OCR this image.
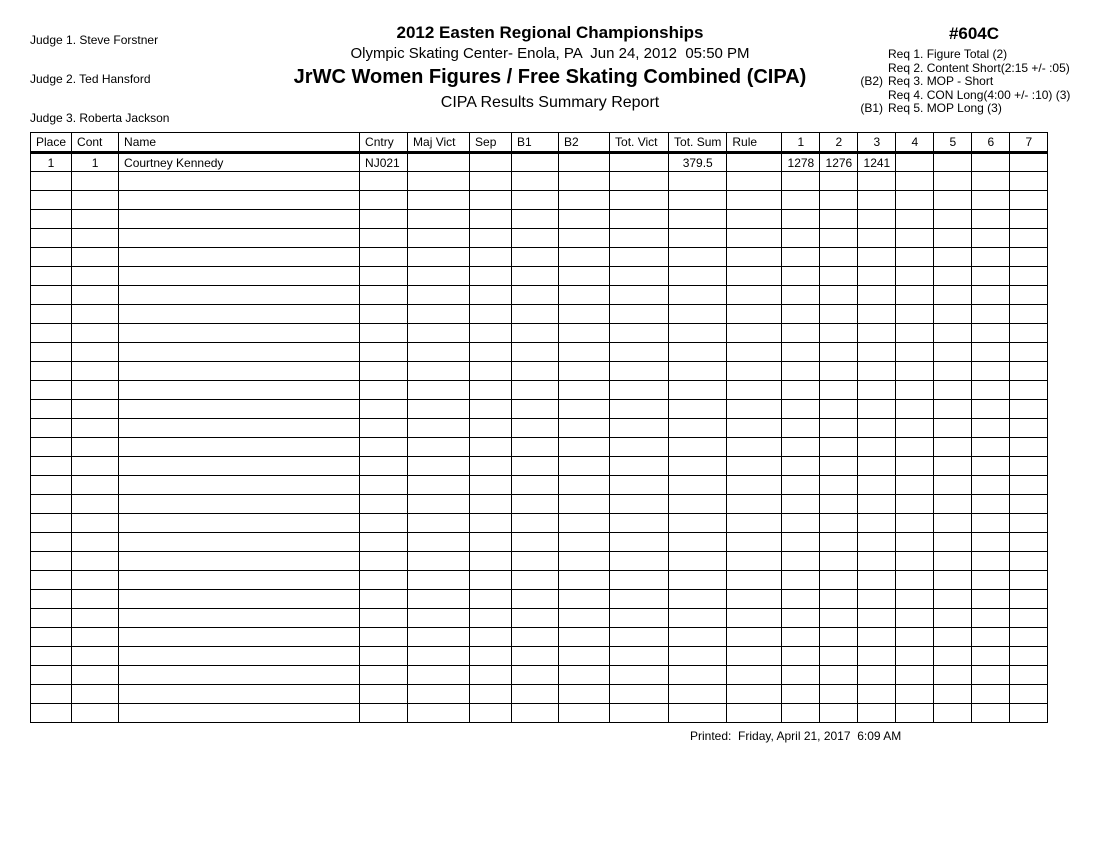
Judge 1. Steve Forstner

Judge 2. Ted Hansford

Judge 3. Roberta Jackson

2012 Easten Regional Championships
Olympic Skating Center- Enola, PA  Jun 24, 2012  05:50 PM
JrWC Women Figures / Free Skating Combined (CIPA)
CIPA Results Summary Report
#604C
Req 1. Figure Total (2)
Req 2. Content Short(2:15 +/- :05)
(B2) Req 3. MOP - Short
Req 4. CON Long(4:00 +/- :10) (3)
(B1) Req 5. MOP Long (3)
Place	Cont	Name	Cntry	Maj Vict	Sep	B1	B2	Tot. Vict	Tot. Sum	Rule	1	2	3	4	5	6	7
1	1	Courtney Kennedy	NJ021						379.5		1278	1276	1241				

Printed:  Friday, April 21, 2017  6:09 AM
